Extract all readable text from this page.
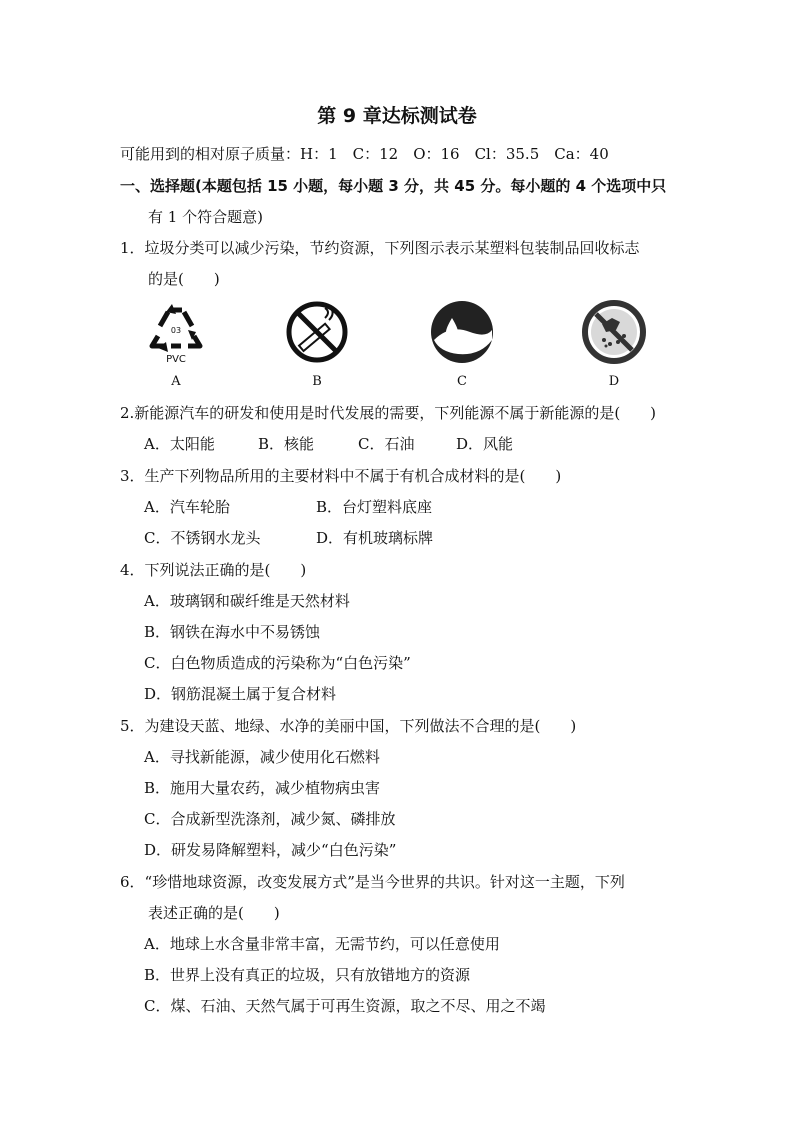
第 9 章达标测试卷
可能用到的相对原子质量：H：1　C：12　O：16　Cl：35.5　Ca：40
一、选择题(本题包括 15 小题，每小题 3 分，共 45 分。每小题的 4 个选项中只
有 1 个符合题意)
1．垃圾分类可以减少污染，节约资源，下列图示表示某塑料包装制品回收标志
的是(　　)
03
PVC
A	B	C	D
2.新能源汽车的研发和使用是时代发展的需要，下列能源不属于新能源的是(　　)
A．太阳能	B．核能	C．石油	D．风能
3．生产下列物品所用的主要材料中不属于有机合成材料的是(　　)
A．汽车轮胎	B．台灯塑料底座
C．不锈钢水龙头	D．有机玻璃标牌
4．下列说法正确的是(　　)
A．玻璃钢和碳纤维是天然材料
B．钢铁在海水中不易锈蚀
C．白色物质造成的污染称为“白色污染”
D．钢筋混凝土属于复合材料
5．为建设天蓝、地绿、水净的美丽中国，下列做法不合理的是(　　)
A．寻找新能源，减少使用化石燃料
B．施用大量农药，减少植物病虫害
C．合成新型洗涤剂，减少氮、磷排放
D．研发易降解塑料，减少“白色污染”
6．“珍惜地球资源，改变发展方式”是当今世界的共识。针对这一主题，下列
表述正确的是(　　)
A．地球上水含量非常丰富，无需节约，可以任意使用
B．世界上没有真正的垃圾，只有放错地方的资源
C．煤、石油、天然气属于可再生资源，取之不尽、用之不竭
